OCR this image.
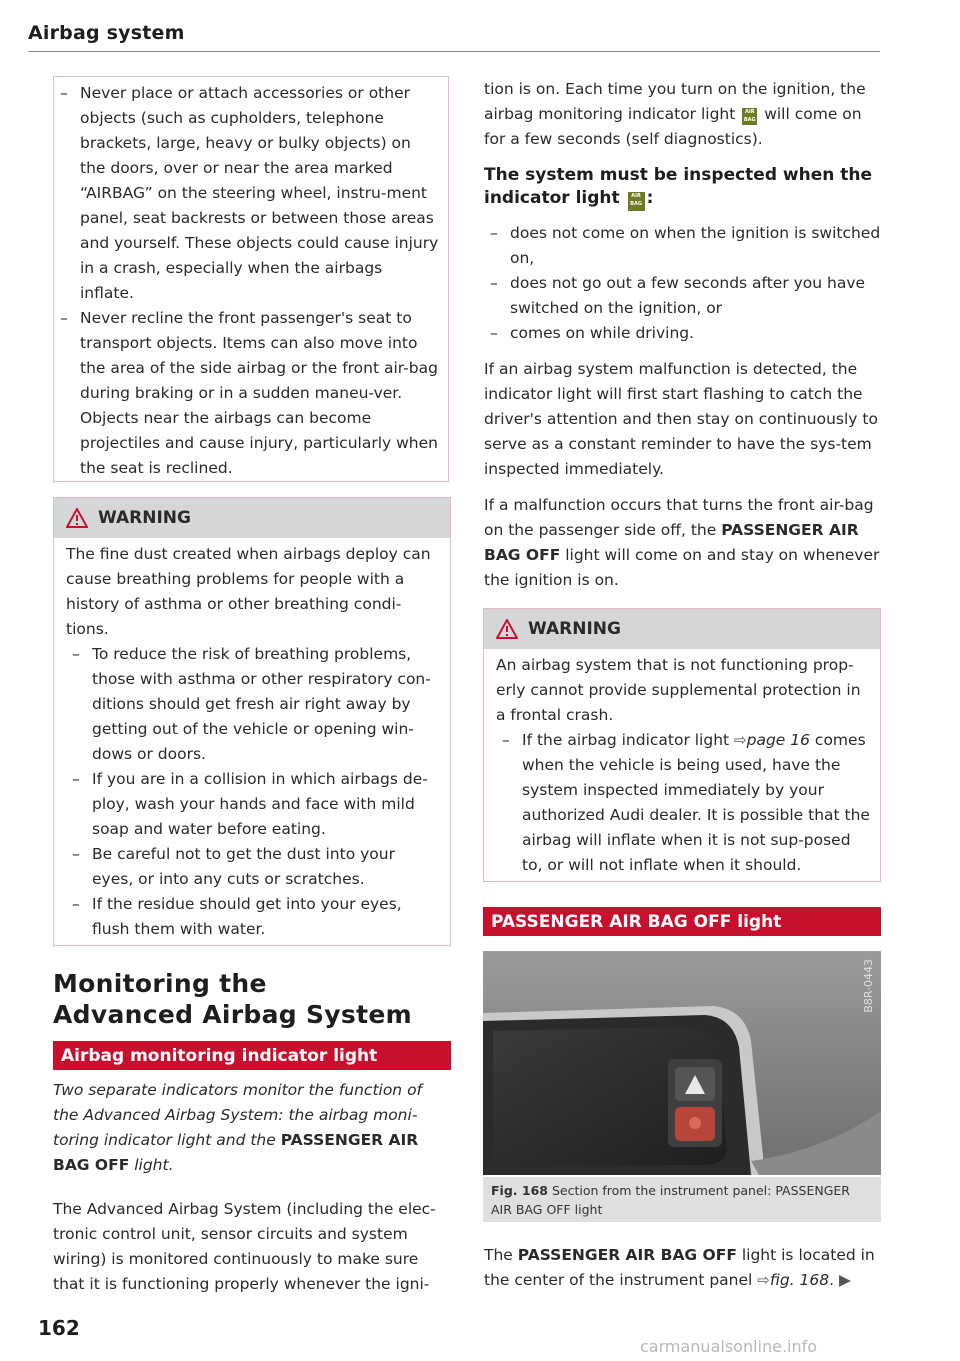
Airbag system
– Never place or attach accessories or other objects (such as cupholders, telephone brackets, large, heavy or bulky objects) on the doors, over or near the area marked “AIRBAG” on the steering wheel, instru-ment panel, seat backrests or between those areas and yourself. These objects could cause injury in a crash, especially when the airbags inflate.
– Never recline the front passenger's seat to transport objects. Items can also move into the area of the side airbag or the front air-bag during braking or in a sudden maneu-ver. Objects near the airbags can become projectiles and cause injury, particularly when the seat is reclined.
WARNING

The fine dust created when airbags deploy can cause breathing problems for people with a history of asthma or other breathing condi-tions.

– To reduce the risk of breathing problems, those with asthma or other respiratory con-ditions should get fresh air right away by getting out of the vehicle or opening win-dows or doors.
– If you are in a collision in which airbags de-ploy, wash your hands and face with mild soap and water before eating.
– Be careful not to get the dust into your eyes, or into any cuts or scratches.
– If the residue should get into your eyes, flush them with water.
Monitoring the
Advanced Airbag System
Airbag monitoring indicator light

Two separate indicators monitor the function of the Advanced Airbag System: the airbag moni-toring indicator light and the PASSENGER AIR BAG OFF light.

The Advanced Airbag System (including the elec-tronic control unit, sensor circuits and system wiring) is monitored continuously to make sure that it is functioning properly whenever the igni-

tion is on. Each time you turn on the ignition, the airbag monitoring indicator light AIR
BAG will come on for a few seconds (self diagnostics).

The system must be inspected when the indicator light AIR
BAG :

– does not come on when the ignition is switched on,
– does not go out a few seconds after you have switched on the ignition, or
– comes on while driving.

If an airbag system malfunction is detected, the indicator light will first start flashing to catch the driver's attention and then stay on continuously to serve as a constant reminder to have the sys-tem inspected immediately.

If a malfunction occurs that turns the front air-bag on the passenger side off, the PASSENGER AIR BAG OFF light will come on and stay on whenever the ignition is on.

WARNING

An airbag system that is not functioning prop-erly cannot provide supplemental protection in a frontal crash.

– If the airbag indicator light ⇨page 16 comes when the vehicle is being used, have the system inspected immediately by your authorized Audi dealer. It is possible that the airbag will inflate when it is not sup-posed to, or will not inflate when it should.
PASSENGER AIR BAG OFF light
B8R-0443
Fig. 168 Section from the instrument panel: PASSENGER AIR BAG OFF light

The PASSENGER AIR BAG OFF light is located in the center of the instrument panel ⇨fig. 168. ▶

162
carmanualsonline.info
